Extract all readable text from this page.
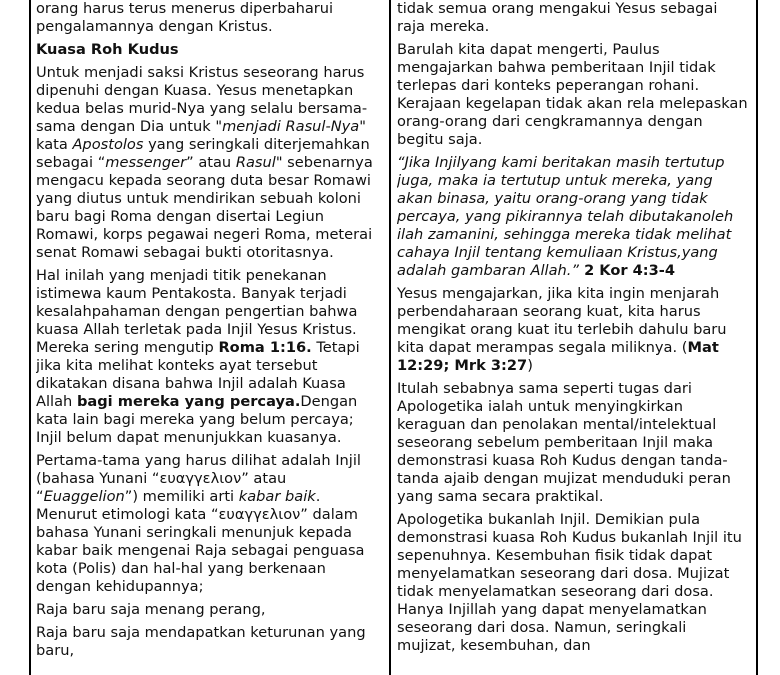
orang harus terus menerus diperbaharui
pengalamannya dengan Kristus.

Kuasa Roh Kudus

Untuk menjadi saksi Kristus seseorang harus dipenuhi dengan Kuasa. Yesus menetapkan kedua belas murid-Nya yang selalu bersama-sama dengan Dia untuk "menjadi Rasul-Nya" kata Apostolos yang seringkali diterjemahkan sebagai “messenger” atau Rasul" sebenarnya mengacu kepada seorang duta besar Romawi yang diutus untuk mendirikan sebuah koloni baru bagi Roma dengan disertai Legiun Romawi, korps pegawai negeri Roma, meterai senat Romawi sebagai bukti otoritasnya.

Hal inilah yang menjadi titik penekanan istimewa kaum Pentakosta. Banyak terjadi kesalahpahaman dengan pengertian bahwa kuasa Allah terletak pada Injil Yesus Kristus. Mereka sering mengutip Roma 1:16. Tetapi jika kita melihat konteks ayat tersebut dikatakan disana bahwa Injil adalah Kuasa Allah bagi mereka yang percaya.Dengan kata lain bagi mereka yang belum percaya; Injil belum dapat menunjukkan kuasanya.

Pertama-tama yang harus dilihat adalah Injil (bahasa Yunani “ευαγγελιον” atau “Euaggelion”) memiliki arti kabar baik. Menurut etimologi kata “ευαγγελιον” dalam bahasa Yunani seringkali menunjuk kepada kabar baik mengenai Raja sebagai penguasa kota (Polis) dan hal-hal yang berkenaan dengan kehidupannya;

Raja baru saja menang perang,

Raja baru saja mendapatkan keturunan yang baru,

tidak semua orang mengakui Yesus sebagai raja mereka.

Barulah kita dapat mengerti, Paulus mengajarkan bahwa pemberitaan Injil tidak terlepas dari konteks peperangan rohani. Kerajaan kegelapan tidak akan rela melepaskan orang-orang dari cengkramannya dengan begitu saja.

“Jika Injilyang kami beritakan masih tertutup juga, maka ia tertutup untuk mereka, yang akan binasa, yaitu orang-orang yang tidak percaya, yang pikirannya telah dibutakanoleh ilah zamanini, sehingga mereka tidak melihat cahaya Injil tentang kemuliaan Kristus,yang adalah gambaran Allah.” 2 Kor 4:3-4

Yesus mengajarkan, jika kita ingin menjarah perbendaharaan seorang kuat, kita harus mengikat orang kuat itu terlebih dahulu baru kita dapat merampas segala miliknya. (Mat 12:29; Mrk 3:27)

Itulah sebabnya sama seperti tugas dari Apologetika ialah untuk menyingkirkan keraguan dan penolakan mental/intelektual seseorang sebelum pemberitaan Injil maka demonstrasi kuasa Roh Kudus dengan tanda-tanda ajaib dengan mujizat menduduki peran yang sama secara praktikal.

Apologetika bukanlah Injil. Demikian pula demonstrasi kuasa Roh Kudus bukanlah Injil itu sepenuhnya. Kesembuhan fisik tidak dapat menyelamatkan seseorang dari dosa. Mujizat tidak menyelamatkan seseorang dari dosa. Hanya Injillah yang dapat menyelamatkan seseorang dari dosa. Namun, seringkali mujizat, kesembuhan, dan
